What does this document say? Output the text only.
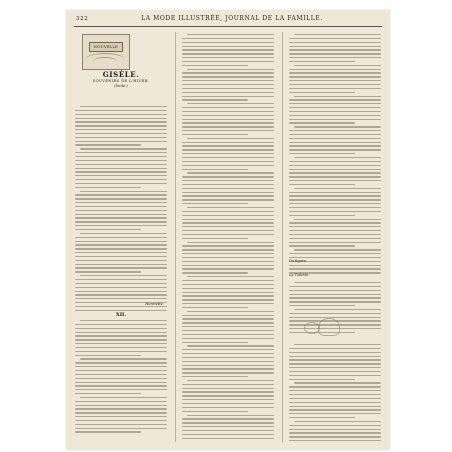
322	LA MODE ILLUSTRÉE, JOURNAL DE LA FAMILLE.
NOUVELLE
GISÈLE.
SOUVENIRS DE L'HIVER.
(Suite.)
Henriette.
XII.
De figure.
La Toilette.
